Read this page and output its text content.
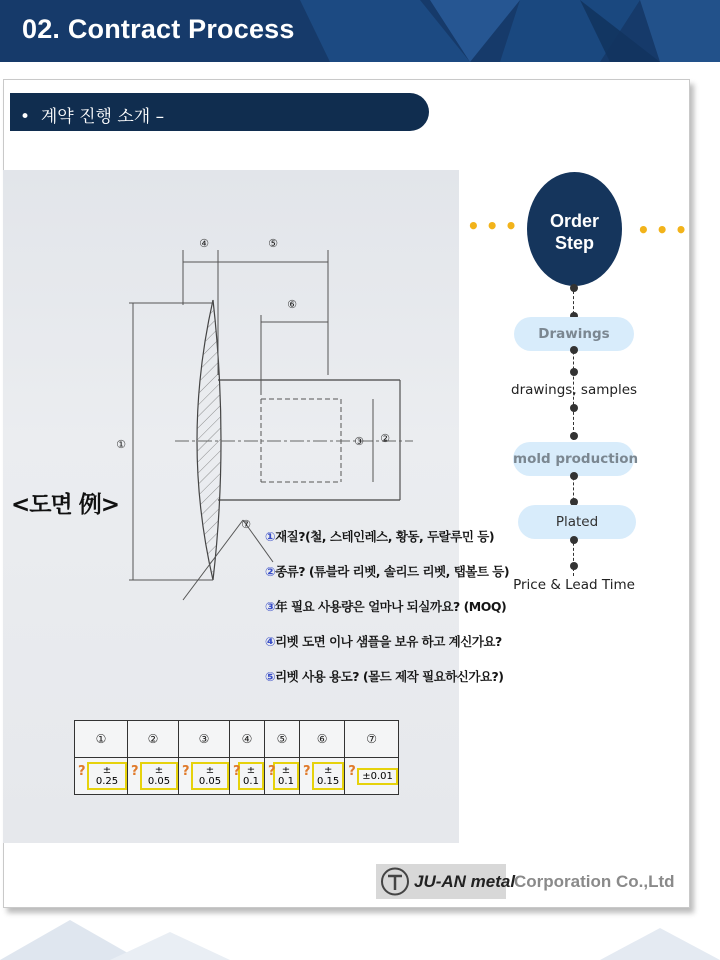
02. Contract Process
• 계약 진행 소개 –
④	⑤
⑥
①	③ ②
⑦
<도면 例>
①재질?(철, 스테인레스, 황동, 두랄루민 등)
②종류? (튜블라 리벳, 솔리드 리벳, 탭볼트 등)
③年 필요 사용량은 얼마나 되실까요? (MOQ)
④리벳 도면 이나 샘플을 보유 하고 계신가요?
⑤리벳 사용 용도? (몰드 제작 필요하신가요?)
①	②	③	④	⑤	⑥	⑦

? ± 0.25	? ± 0.05	? ± 0.05	? ± 0.1	? ± 0.1	? ± 0.15	? ±0.01
•••	•••
Order
Step
Drawings
drawings, samples
mold production
Plated
Price & Lead Time
JU-AN metal
Corporation Co.,Ltd
